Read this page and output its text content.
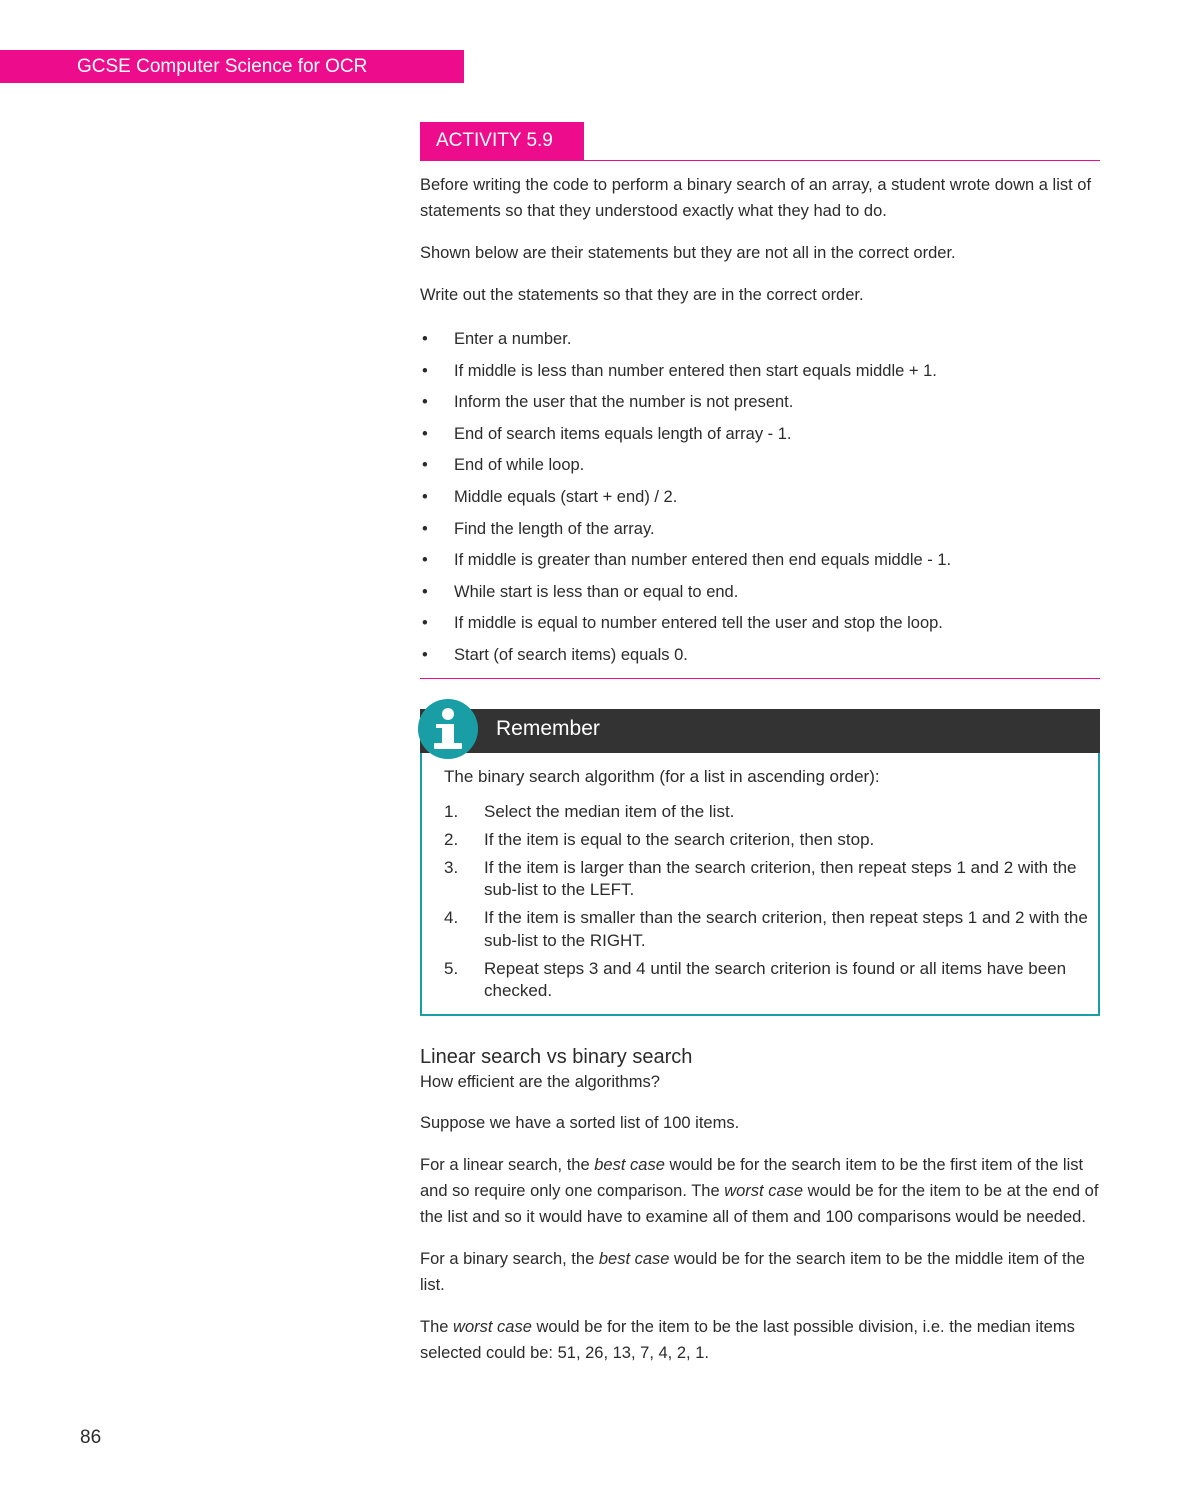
GCSE Computer Science for OCR
ACTIVITY 5.9

Before writing the code to perform a binary search of an array, a student wrote down a list of statements so that they understood exactly what they had to do.

Shown below are their statements but they are not all in the correct order.

Write out the statements so that they are in the correct order.

• Enter a number.
• If middle is less than number entered then start equals middle + 1.
• Inform the user that the number is not present.
• End of search items equals length of array - 1.
• End of while loop.
• Middle equals (start + end) / 2.
• Find the length of the array.
• If middle is greater than number entered then end equals middle - 1.
• While start is less than or equal to end.
• If middle is equal to number entered tell the user and stop the loop.
• Start (of search items) equals 0.
Remember

The binary search algorithm (for a list in ascending order):

1. Select the median item of the list.
2. If the item is equal to the search criterion, then stop.
3. If the item is larger than the search criterion, then repeat steps 1 and 2 with the sub-list to the LEFT.
4. If the item is smaller than the search criterion, then repeat steps 1 and 2 with the sub-list to the RIGHT.
5. Repeat steps 3 and 4 until the search criterion is found or all items have been checked.
Linear search vs binary search

How efficient are the algorithms?

Suppose we have a sorted list of 100 items.

For a linear search, the best case would be for the search item to be the first item of the list and so require only one comparison. The worst case would be for the item to be at the end of the list and so it would have to examine all of them and 100 comparisons would be needed.

For a binary search, the best case would be for the search item to be the middle item of the list.

The worst case would be for the item to be the last possible division, i.e. the median items selected could be: 51, 26, 13, 7, 4, 2, 1.

86
